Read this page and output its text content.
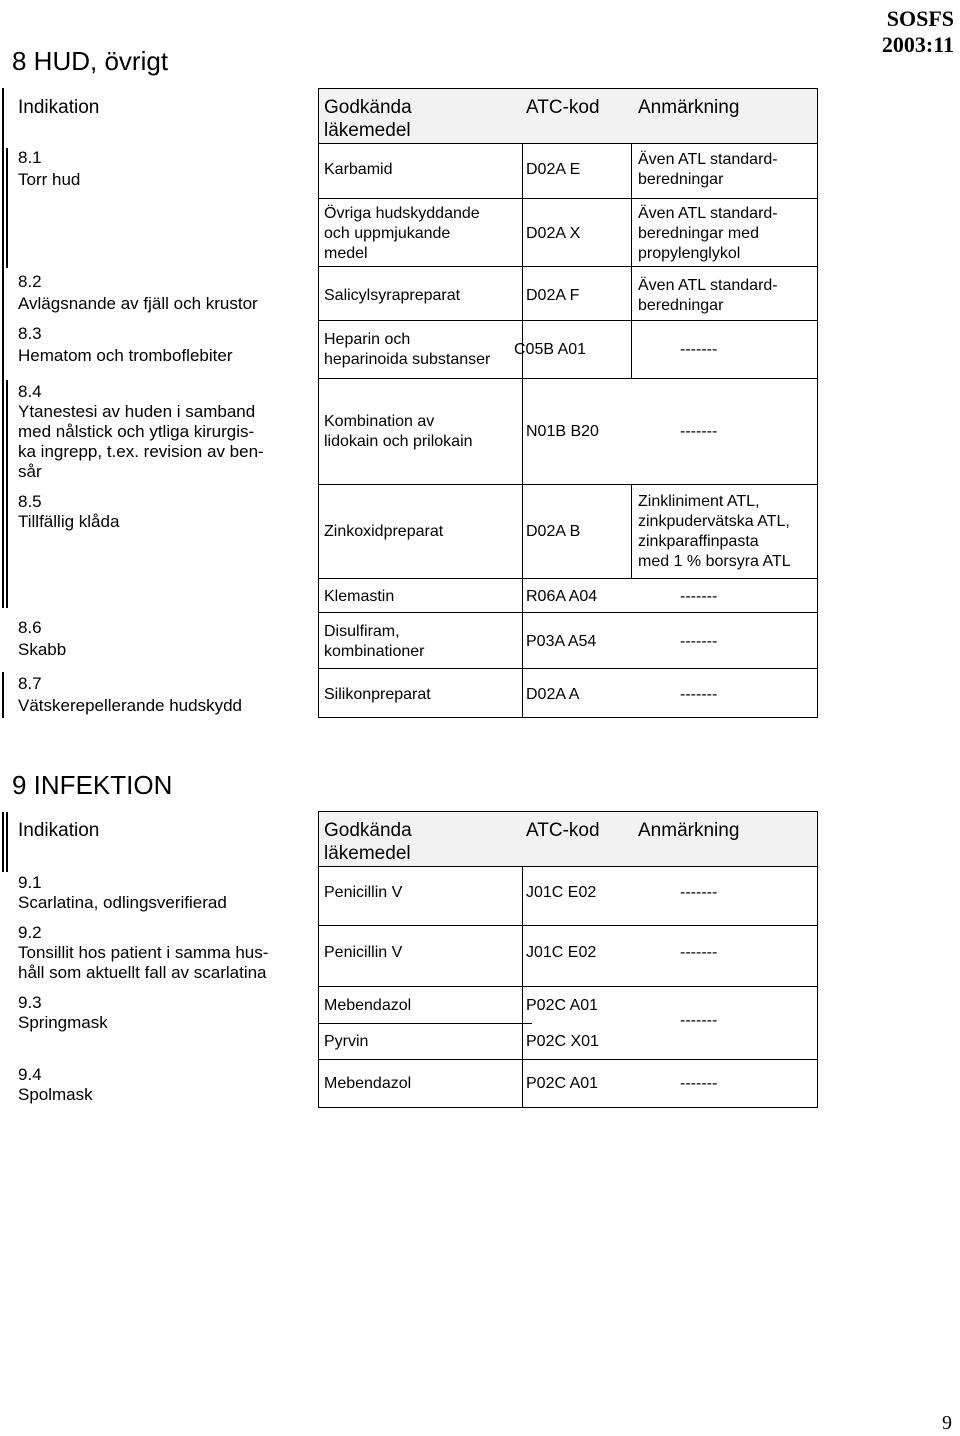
SOSFS
2003:11
8 HUD, övrigt
Indikation	Godkända
läkemedel
ATC-kod Anmärkning
8.1
Torr hud
8.2
Avlägsnande av fjäll och krustor
8.3
Hematom och tromboflebiter
8.4
Ytanestesi av huden i samband
med nålstick och ytliga kirurgis-
ka ingrepp, t.ex. revision av ben-
sår
8.5
Tillfällig klåda
8.6
Skabb
8.7
Vätskerepellerande hudskydd
Karbamid
Övriga hudskyddande
och uppmjukande
medel
Salicylsyrapreparat
Heparin och
heparinoida substanser
Kombination av
lidokain och prilokain
Zinkoxidpreparat
Klemastin
Disulfiram,
kombinationer
Silikonpreparat
D02A E
D02A X
D02A F
C05B A01
N01B B20
D02A B
R06A A04
P03A A54
D02A A
Även ATL standard-
beredningar
Även ATL standard-
beredningar med
propylenglykol
Även ATL standard-
beredningar
-------
-------
Zinkliniment ATL,
zinkpudervätska ATL,
zinkparaffinpasta
med 1 % borsyra ATL
-------
-------
-------
9 INFEKTION
Indikation	Godkända
läkemedel
ATC-kod Anmärkning
9.1
Scarlatina, odlingsverifierad
9.2
Tonsillit hos patient i samma hus-
håll som aktuellt fall av scarlatina
9.3
Springmask
9.4
Spolmask
Penicillin V
Penicillin V
Mebendazol
Pyrvin
Mebendazol
J01C E02
J01C E02
P02C A01
P02C X01
P02C A01
-------
-------
-------
-------
9
